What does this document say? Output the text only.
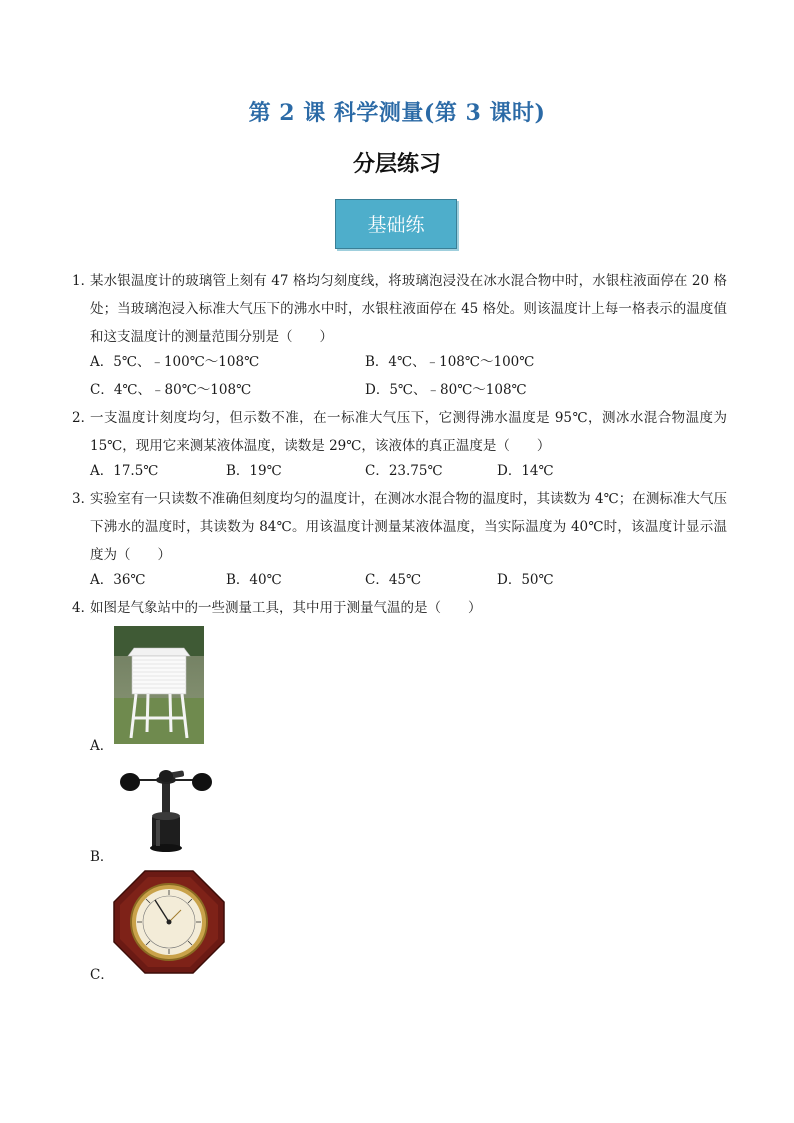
第 2 课 科学测量(第 3 课时)
分层练习
基础练
1．
某水银温度计的玻璃管上刻有 47 格均匀刻度线，将玻璃泡浸没在冰水混合物中时，水银柱液面停在 20 格处；当玻璃泡浸入标准大气压下的沸水中时，水银柱液面停在 45 格处。则该温度计上每一格表示的温度值和这支温度计的测量范围分别是（　　）
A．5℃、﹣100℃～108℃	B．4℃、﹣108℃～100℃
C．4℃、﹣80℃～108℃	D．5℃、﹣80℃～108℃
2．
一支温度计刻度均匀，但示数不准，在一标准大气压下，它测得沸水温度是 95℃，测冰水混合物温度为 15℃，现用它来测某液体温度，读数是 29℃，该液体的真正温度是（　　）
A．17.5℃	B．19℃	C．23.75℃	D．14℃
3．
实验室有一只读数不准确但刻度均匀的温度计，在测冰水混合物的温度时，其读数为 4℃；在测标准大气压下沸水的温度时，其读数为 84℃。用该温度计测量某液体温度，当实际温度为 40℃时，该温度计显示温度为（　　）
A．36℃	B．40℃	C．45℃	D．50℃
4．
如图是气象站中的一些测量工具，其中用于测量气温的是（　　）
A．
B．
C．
